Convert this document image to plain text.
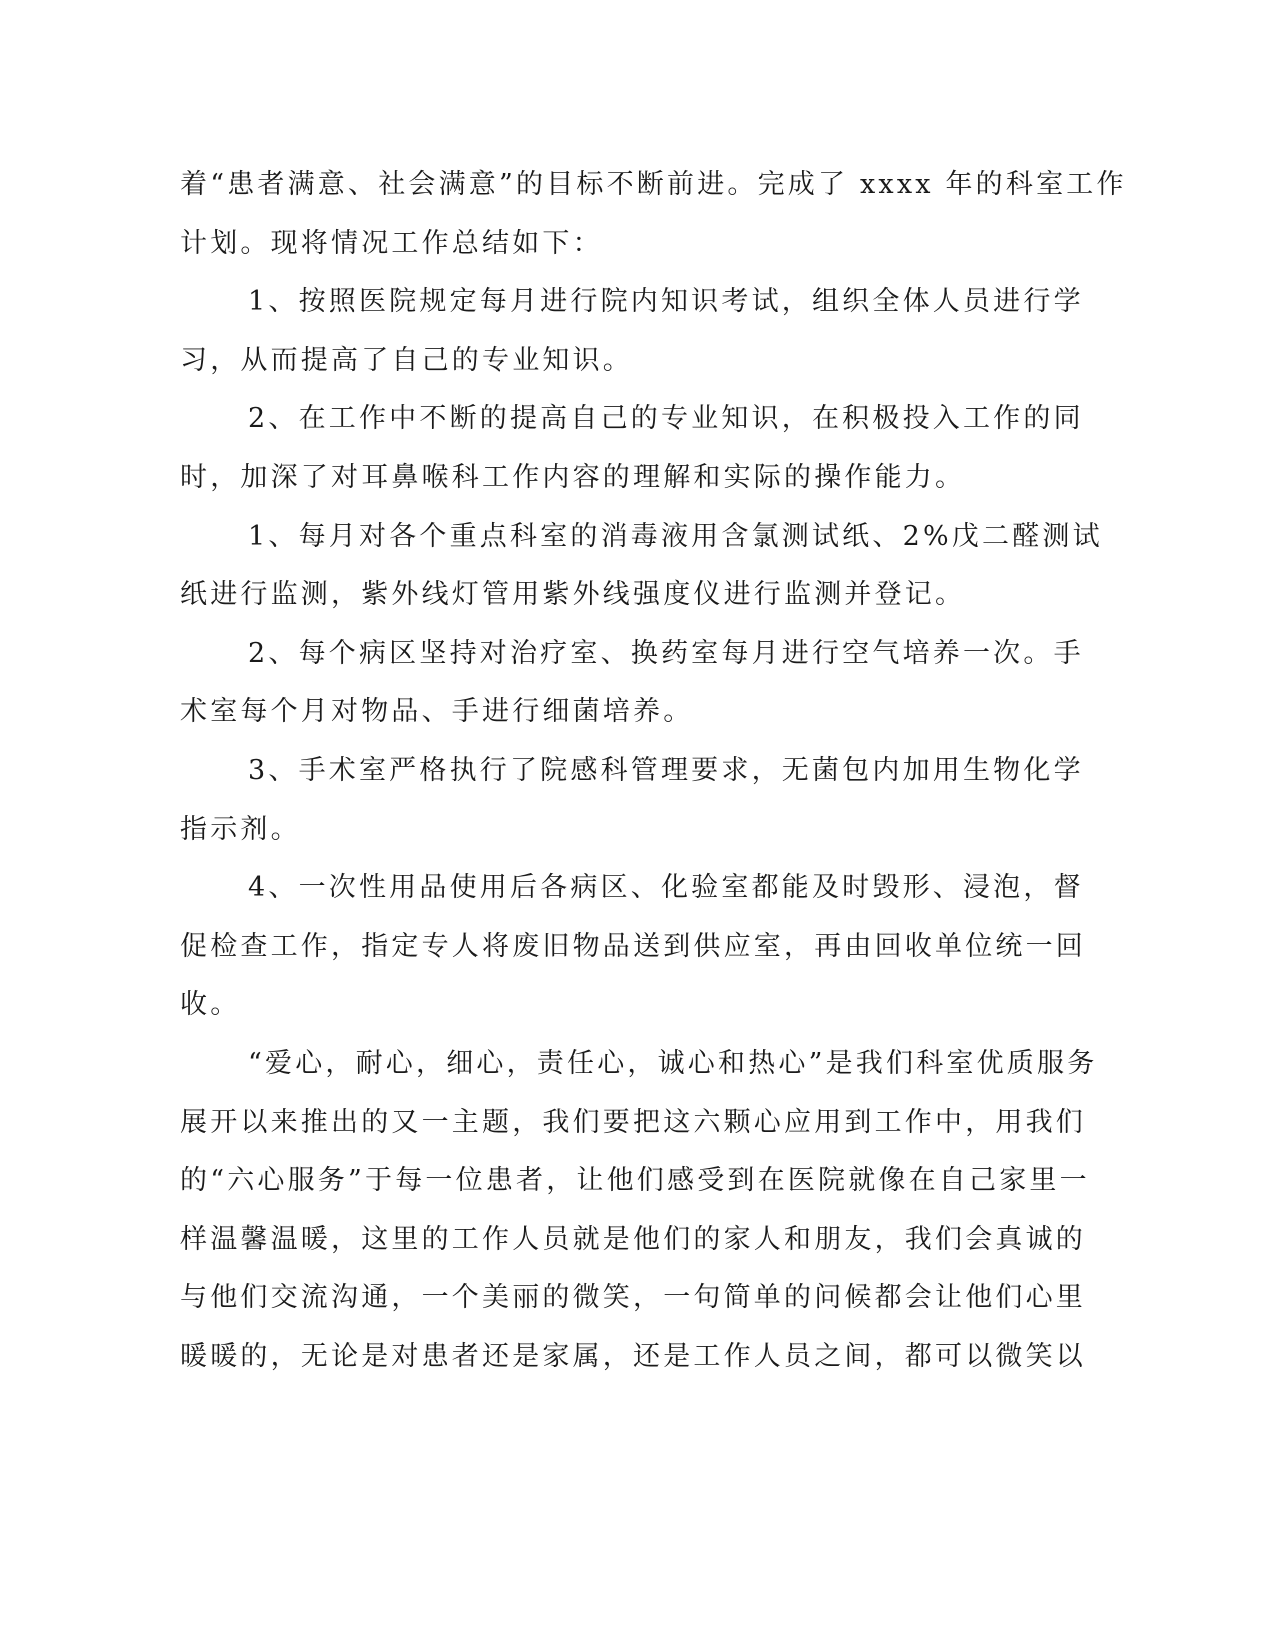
着“患者满意、社会满意”的目标不断前进。完成了 xxxx 年的科室工作
计划。现将情况工作总结如下：
1、按照医院规定每月进行院内知识考试，组织全体人员进行学
习，从而提高了自己的专业知识。
2、在工作中不断的提高自己的专业知识，在积极投入工作的同
时，加深了对耳鼻喉科工作内容的理解和实际的操作能力。
1、每月对各个重点科室的消毒液用含氯测试纸、2%戊二醛测试
纸进行监测，紫外线灯管用紫外线强度仪进行监测并登记。
2、每个病区坚持对治疗室、换药室每月进行空气培养一次。手
术室每个月对物品、手进行细菌培养。
3、手术室严格执行了院感科管理要求，无菌包内加用生物化学
指示剂。
4、一次性用品使用后各病区、化验室都能及时毁形、浸泡，督
促检查工作，指定专人将废旧物品送到供应室，再由回收单位统一回
收。
“爱心，耐心，细心，责任心，诚心和热心”是我们科室优质服务
展开以来推出的又一主题，我们要把这六颗心应用到工作中，用我们
的“六心服务”于每一位患者，让他们感受到在医院就像在自己家里一
样温馨温暖，这里的工作人员就是他们的家人和朋友，我们会真诚的
与他们交流沟通，一个美丽的微笑，一句简单的问候都会让他们心里
暖暖的，无论是对患者还是家属，还是工作人员之间，都可以微笑以
